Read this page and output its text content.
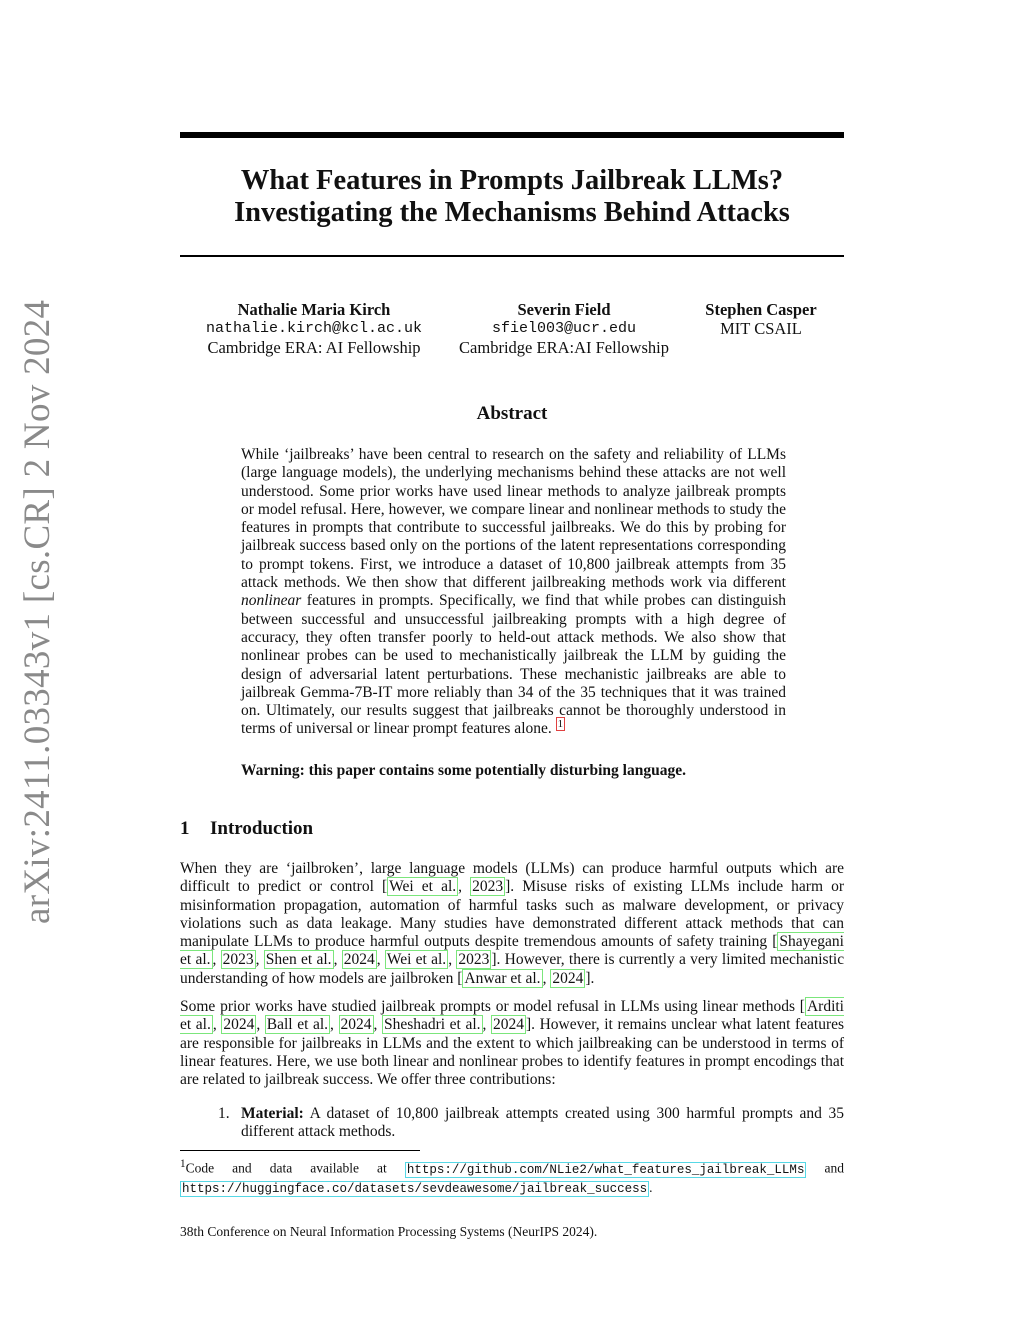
arXiv:2411.03343v1 [cs.CR] 2 Nov 2024
What Features in Prompts Jailbreak LLMs?
Investigating the Mechanisms Behind Attacks
Nathalie Maria Kirch
nathalie.kirch@kcl.ac.uk
Cambridge ERA: AI Fellowship
Severin Field
sfiel003@ucr.edu
Cambridge ERA:AI Fellowship
Stephen Casper
MIT CSAIL
Abstract

While ‘jailbreaks’ have been central to research on the safety and reliability of LLMs (large language models), the underlying mechanisms behind these attacks are not well understood. Some prior works have used linear methods to analyze jailbreak prompts or model refusal. Here, however, we compare linear and nonlinear methods to study the features in prompts that contribute to successful jailbreaks. We do this by probing for jailbreak success based only on the portions of the latent representations corresponding to prompt tokens. First, we introduce a dataset of 10,800 jailbreak attempts from 35 attack methods. We then show that different jailbreaking methods work via different nonlinear features in prompts. Specifically, we find that while probes can distinguish between successful and unsuccessful jailbreaking prompts with a high degree of accuracy, they often transfer poorly to held-out attack methods. We also show that nonlinear probes can be used to mechanistically jailbreak the LLM by guiding the design of adversarial latent perturbations. These mechanistic jailbreaks are able to jailbreak Gemma-7B-IT more reliably than 34 of the 35 techniques that it was trained on. Ultimately, our results suggest that jailbreaks cannot be thoroughly understood in terms of universal or linear prompt features alone. $^1$

Warning: this paper contains some potentially disturbing language.
1 Introduction

When they are ‘jailbroken’, large language models (LLMs) can produce harmful outputs which are difficult to predict or control [ Wei et al. , 2023 ]. Misuse risks of existing LLMs include harm or misinformation propagation, automation of harmful tasks such as malware development, or privacy violations such as data leakage. Many studies have demonstrated different attack methods that can manipulate LLMs to produce harmful outputs despite tremendous amounts of safety training [ Shayegani et al. , 2023 , Shen et al. , 2024 , Wei et al. , 2023 ]. However, there is currently a very limited mechanistic understanding of how models are jailbroken [ Anwar et al. , 2024 ].

Some prior works have studied jailbreak prompts or model refusal in LLMs using linear methods [ Arditi et al. , 2024 , Ball et al. , 2024 , Sheshadri et al. , 2024 ]. However, it remains unclear what latent features are responsible for jailbreaks in LLMs and the extent to which jailbreaking can be understood in terms of linear features. Here, we use both linear and nonlinear probes to identify features in prompt encodings that are related to jailbreak success. We offer three contributions:

1. Material: A dataset of 10,800 jailbreak attempts created using 300 harmful prompts and 35 different attack methods.
$^1$Code and data available at https://github.com/NLie2/what_features_jailbreak_LLMs and https://huggingface.co/datasets/sevdeawesome/jailbreak_success .
38th Conference on Neural Information Processing Systems (NeurIPS 2024).
